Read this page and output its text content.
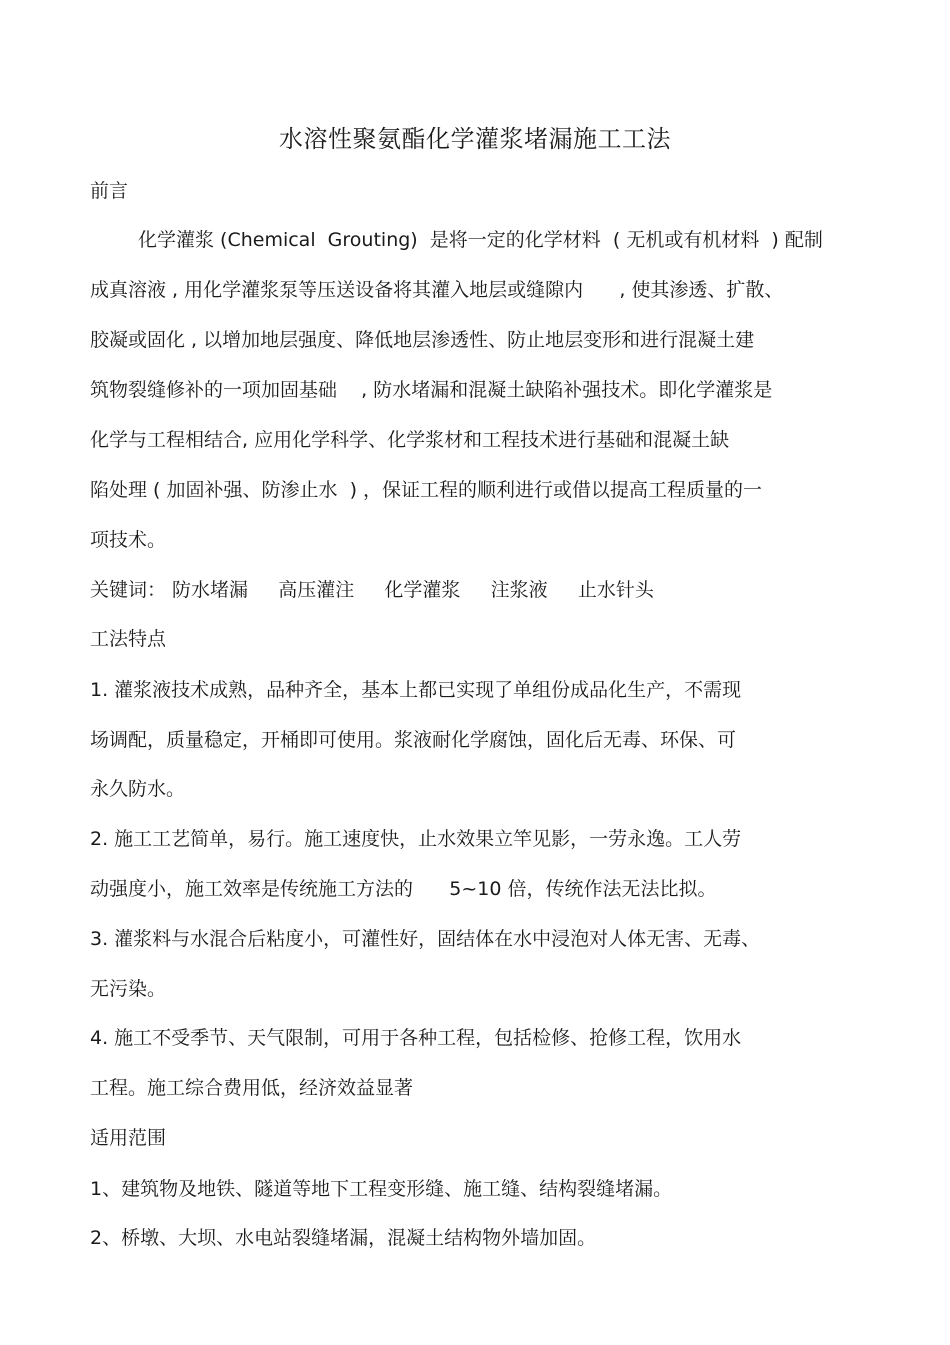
水溶性聚氨酯化学灌浆堵漏施工工法
前言
化学灌浆 (Chemical  Grouting)  是将一定的化学材料  ( 无机或有机材料  ) 配制
成真溶液 , 用化学灌浆泵等压送设备将其灌入地层或缝隙内      , 使其渗透、扩散、
胶凝或固化 , 以增加地层强度、降低地层渗透性、防止地层变形和进行混凝土建
筑物裂缝修补的一项加固基础    , 防水堵漏和混凝土缺陷补强技术。即化学灌浆是
化学与工程相结合, 应用化学科学、化学浆材和工程技术进行基础和混凝土缺
陷处理 ( 加固补强、防渗止水  ) ，保证工程的顺利进行或借以提高工程质量的一
项技术。
关键词： 防水堵漏     高压灌注     化学灌浆     注浆液     止水针头
工法特点
1. 灌浆液技术成熟，品种齐全，基本上都已实现了单组份成品化生产，不需现
场调配，质量稳定，开桶即可使用。浆液耐化学腐蚀，固化后无毒、环保、可
永久防水。
2. 施工工艺简单，易行。施工速度快，止水效果立竿见影，一劳永逸。工人劳
动强度小，施工效率是传统施工方法的      5~10 倍，传统作法无法比拟。
3. 灌浆料与水混合后粘度小，可灌性好，固结体在水中浸泡对人体无害、无毒、
无污染。
4. 施工不受季节、天气限制，可用于各种工程，包括检修、抢修工程，饮用水
工程。施工综合费用低，经济效益显著
适用范围
1、建筑物及地铁、隧道等地下工程变形缝、施工缝、结构裂缝堵漏。
2、桥墩、大坝、水电站裂缝堵漏，混凝土结构物外墙加固。
